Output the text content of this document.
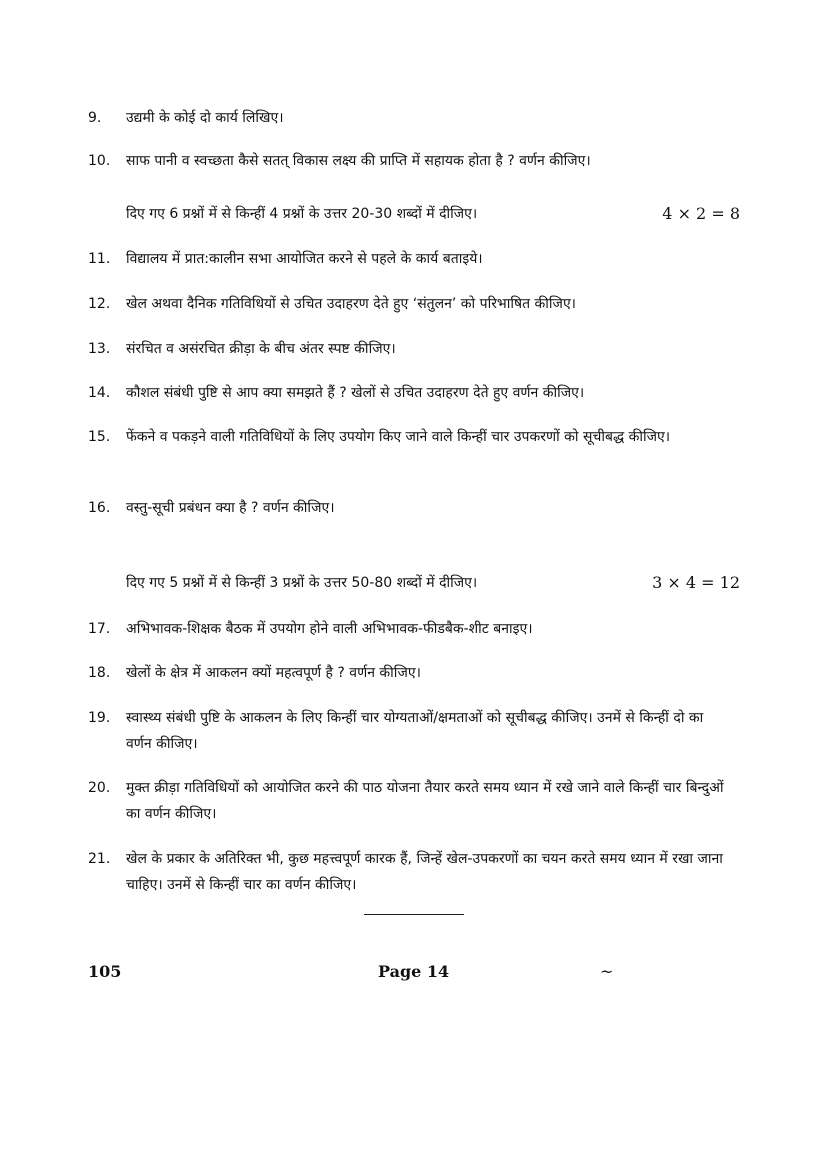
9.	उद्यमी के कोई दो कार्य लिखिए।
10.	साफ पानी व स्वच्छता कैसे सतत् विकास लक्ष्य की प्राप्ति में सहायक होता है ? वर्णन कीजिए।
दिए गए 6 प्रश्नों में से किन्हीं 4 प्रश्नों के उत्तर 20-30 शब्दों में दीजिए।	4 × 2 = 8
11.	विद्यालय में प्रात:कालीन सभा आयोजित करने से पहले के कार्य बताइये।
12.	खेल अथवा दैनिक गतिविधियों से उचित उदाहरण देते हुए ‘संतुलन’ को परिभाषित कीजिए।
13.	संरचित व असंरचित क्रीड़ा के बीच अंतर स्पष्ट कीजिए।
14.	कौशल संबंधी पुष्टि से आप क्या समझते हैं ? खेलों से उचित उदाहरण देते हुए वर्णन कीजिए।
15.	फेंकने व पकड़ने वाली गतिविधियों के लिए उपयोग किए जाने वाले किन्हीं चार उपकरणों को सूचीबद्ध कीजिए।
16.	वस्तु-सूची प्रबंधन क्या है ? वर्णन कीजिए।
दिए गए 5 प्रश्नों में से किन्हीं 3 प्रश्नों के उत्तर 50-80 शब्दों में दीजिए।	3 × 4 = 12
17.	अभिभावक-शिक्षक बैठक में उपयोग होने वाली अभिभावक-फीडबैक-शीट बनाइए।
18.	खेलों के क्षेत्र में आकलन क्यों महत्वपूर्ण है ? वर्णन कीजिए।
19.	स्वास्थ्य संबंधी पुष्टि के आकलन के लिए किन्हीं चार योग्यताओं/क्षमताओं को सूचीबद्ध कीजिए। उनमें से किन्हीं दो का वर्णन कीजिए।
20.	मुक्त क्रीड़ा गतिविधियों को आयोजित करने की पाठ योजना तैयार करते समय ध्यान में रखे जाने वाले किन्हीं चार बिन्दुओं का वर्णन कीजिए।
21.	खेल के प्रकार के अतिरिक्त भी, कुछ महत्त्वपूर्ण कारक हैं, जिन्हें खेल-उपकरणों का चयन करते समय ध्यान में रखा जाना चाहिए। उनमें से किन्हीं चार का वर्णन कीजिए।
105	Page 14	~
